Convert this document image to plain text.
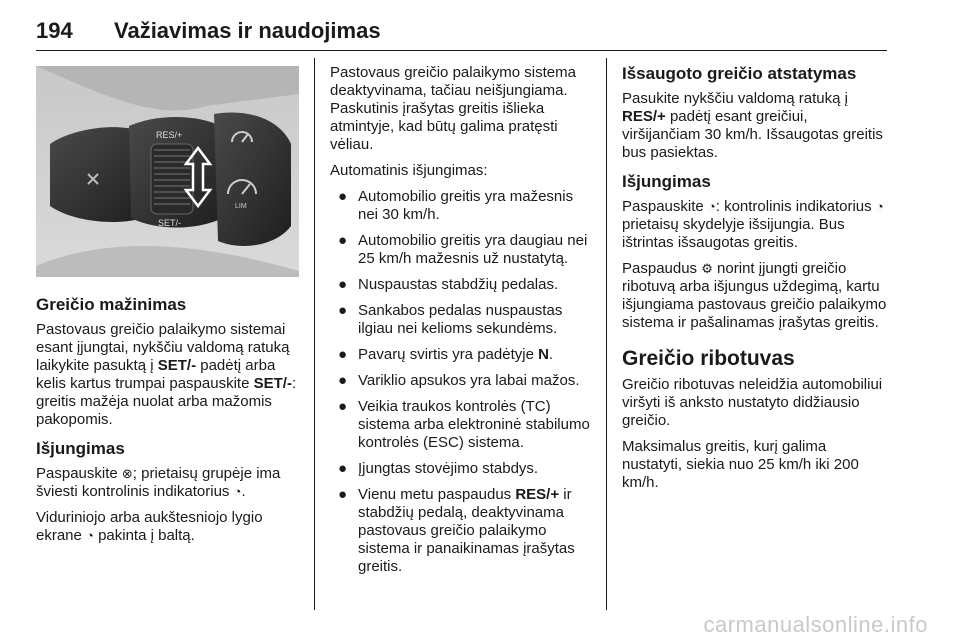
194 Važiavimas ir naudojimas
RES/+
SET/-
LIM
Greičio mažinimas

Pastovaus greičio palaikymo sistemai esant įjungtai, nykščiu valdomą ratuką laikykite pasuktą į SET/- padėtį arba kelis kartus trumpai paspauskite SET/-: greitis mažėja nuolat arba mažomis pakopomis.

Išjungimas

Paspauskite ⊗; prietaisų grupėje ima šviesti kontrolinis indikatorius ◔.

Viduriniojo arba aukštesniojo lygio ekrane ◔ pakinta į baltą.

Pastovaus greičio palaikymo sistema deaktyvinama, tačiau neišjungiama. Paskutinis įrašytas greitis išlieka atmintyje, kad būtų galima pratęsti vėliau.

Automatinis išjungimas:

● Automobilio greitis yra mažesnis nei 30 km/h.
● Automobilio greitis yra daugiau nei 25 km/h mažesnis už nustatytą.
● Nuspaustas stabdžių pedalas.
● Sankabos pedalas nuspaustas ilgiau nei kelioms sekundėms.
● Pavarų svirtis yra padėtyje N.
● Variklio apsukos yra labai mažos.
● Veikia traukos kontrolės (TC) sistema arba elektroninė stabilumo kontrolės (ESC) sistema.
● Įjungtas stovėjimo stabdys.
● Vienu metu paspaudus RES/+ ir stabdžių pedalą, deaktyvinama pastovaus greičio palaikymo sistema ir panaikinamas įrašytas greitis.
Išsaugoto greičio atstatymas

Pasukite nykščiu valdomą ratuką į RES/+ padėtį esant greičiui, viršijančiam 30 km/h. Išsaugotas greitis bus pasiektas.

Išjungimas

Paspauskite ◔: kontrolinis indikatorius ◔ prietaisų skydelyje išsijungia. Bus ištrintas išsaugotas greitis.

Paspaudus ⚙ norint įjungti greičio ribotuvą arba išjungus uždegimą, kartu išjungiama pastovaus greičio palaikymo sistema ir pašalinamas įrašytas greitis.

Greičio ribotuvas

Greičio ribotuvas neleidžia automobiliui viršyti iš anksto nustatyto didžiausio greičio.

Maksimalus greitis, kurį galima nustatyti, siekia nuo 25 km/h iki 200 km/h.

carmanualsonline.info
